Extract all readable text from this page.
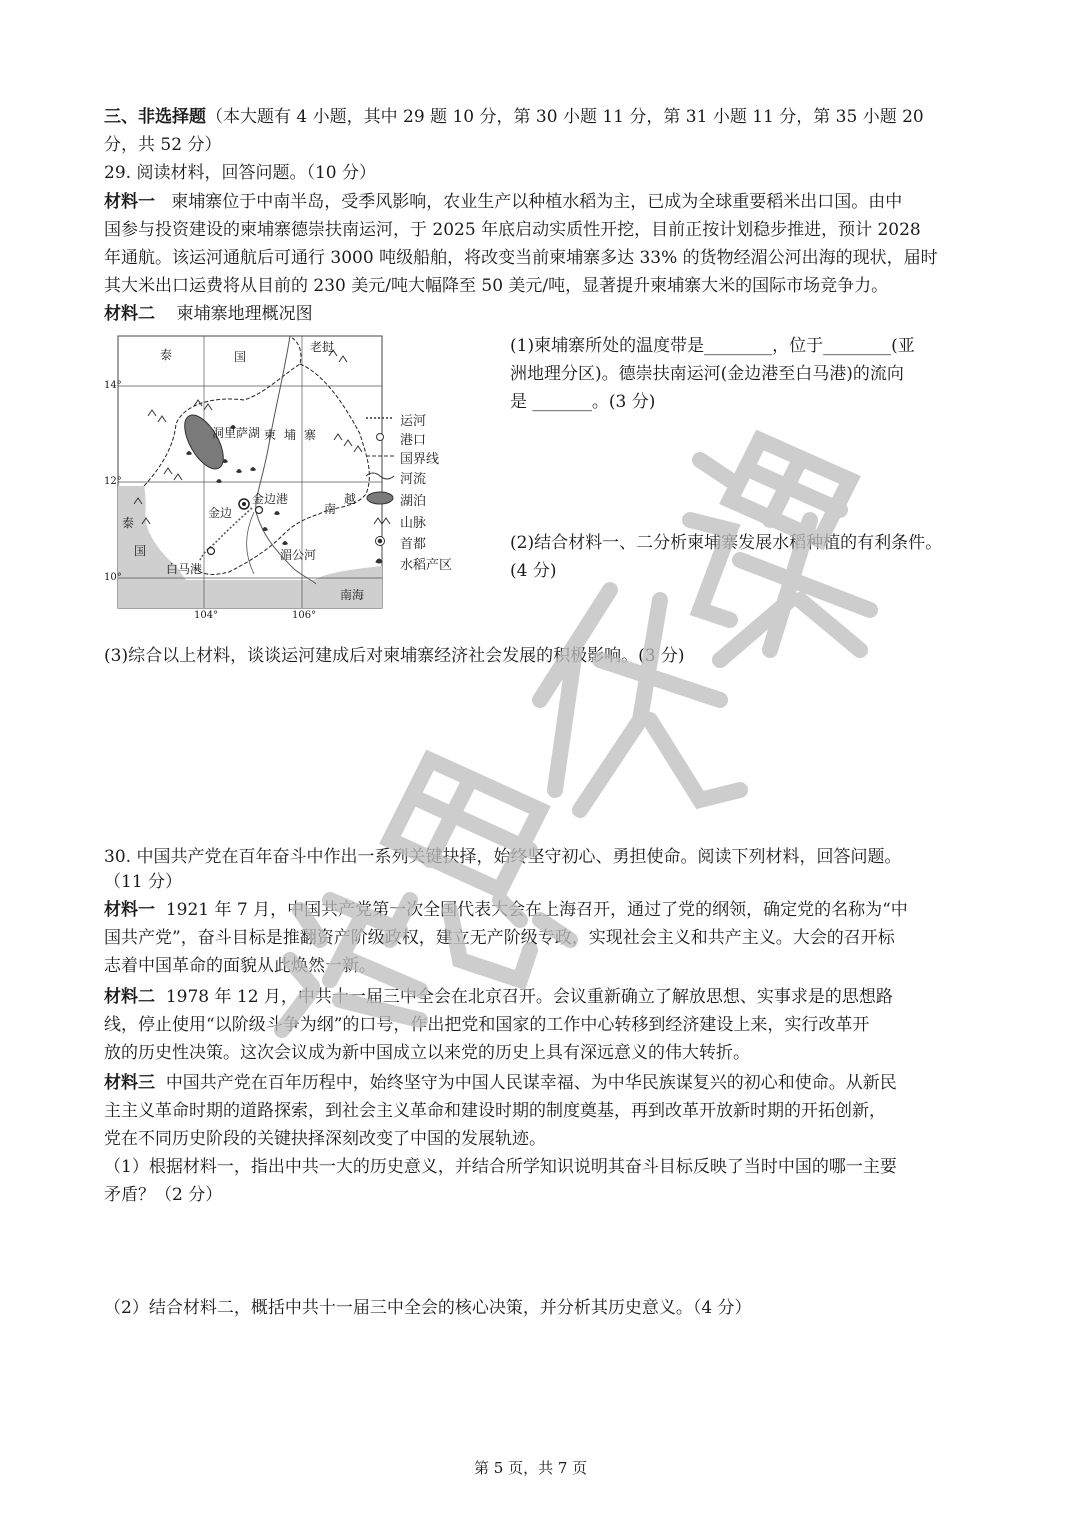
三、非选择题（本大题有 4 小题，其中 29 题 10 分，第 30 小题 11 分，第 31 小题 11 分，第 35 小题 20
分，共 52 分）
29. 阅读材料，回答问题。（10 分）
材料一 柬埔寨位于中南半岛，受季风影响，农业生产以种植水稻为主，已成为全球重要稻米出口国。由中
国参与投资建设的柬埔寨德崇扶南运河，于 2025 年底启动实质性开挖，目前正按计划稳步推进，预计 2028
年通航。该运河通航后可通行 3000 吨级船舶，将改变当前柬埔寨多达 33% 的货物经湄公河出海的现状，届时
其大米出口运费将从目前的 230 美元/吨大幅降至 50 美元/吨，显著提升柬埔寨大米的国际市场竞争力。
材料二 柬埔寨地理概况图
泰	国
老挝
柬 埔 寨
越
南
泰
国
洞里萨湖
金边港
金边
白马港
湄公河
南海
14°
12°
10°
104°	106°
运河
港口
国界线
河流
湖泊
山脉
首都
水稻产区
(1)柬埔寨所处的温度带是________，位于________(亚
洲地理分区)。德崇扶南运河(金边港至白马港)的流向
是 _______。(3 分)
(2)结合材料一、二分析柬埔寨发展水稻种植的有利条件。
(4 分)
(3)综合以上材料，谈谈运河建成后对柬埔寨经济社会发展的积极影响。(3 分)
30. 中国共产党在百年奋斗中作出一系列关键抉择，始终坚守初心、勇担使命。阅读下列材料，回答问题。
（11 分）
材料一 1921 年 7 月，中国共产党第一次全国代表大会在上海召开，通过了党的纲领，确定党的名称为“中
国共产党”，奋斗目标是推翻资产阶级政权，建立无产阶级专政，实现社会主义和共产主义。大会的召开标
志着中国革命的面貌从此焕然一新。
材料二 1978 年 12 月，中共十一届三中全会在北京召开。会议重新确立了解放思想、实事求是的思想路
线，停止使用“以阶级斗争为纲”的口号，作出把党和国家的工作中心转移到经济建设上来，实行改革开
放的历史性决策。这次会议成为新中国成立以来党的历史上具有深远意义的伟大转折。
材料三 中国共产党在百年历程中，始终坚守为中国人民谋幸福、为中华民族谋复兴的初心和使命。从新民
主主义革命时期的道路探索，到社会主义革命和建设时期的制度奠基，再到改革开放新时期的开拓创新，
党在不同历史阶段的关键抉择深刻改变了中国的发展轨迹。
（1）根据材料一，指出中共一大的历史意义，并结合所学知识说明其奋斗目标反映了当时中国的哪一主要
矛盾？（2 分）
（2）结合材料二，概括中共十一届三中全会的核心决策，并分析其历史意义。（4 分）
第 5 页，共 7 页
滨思优课
